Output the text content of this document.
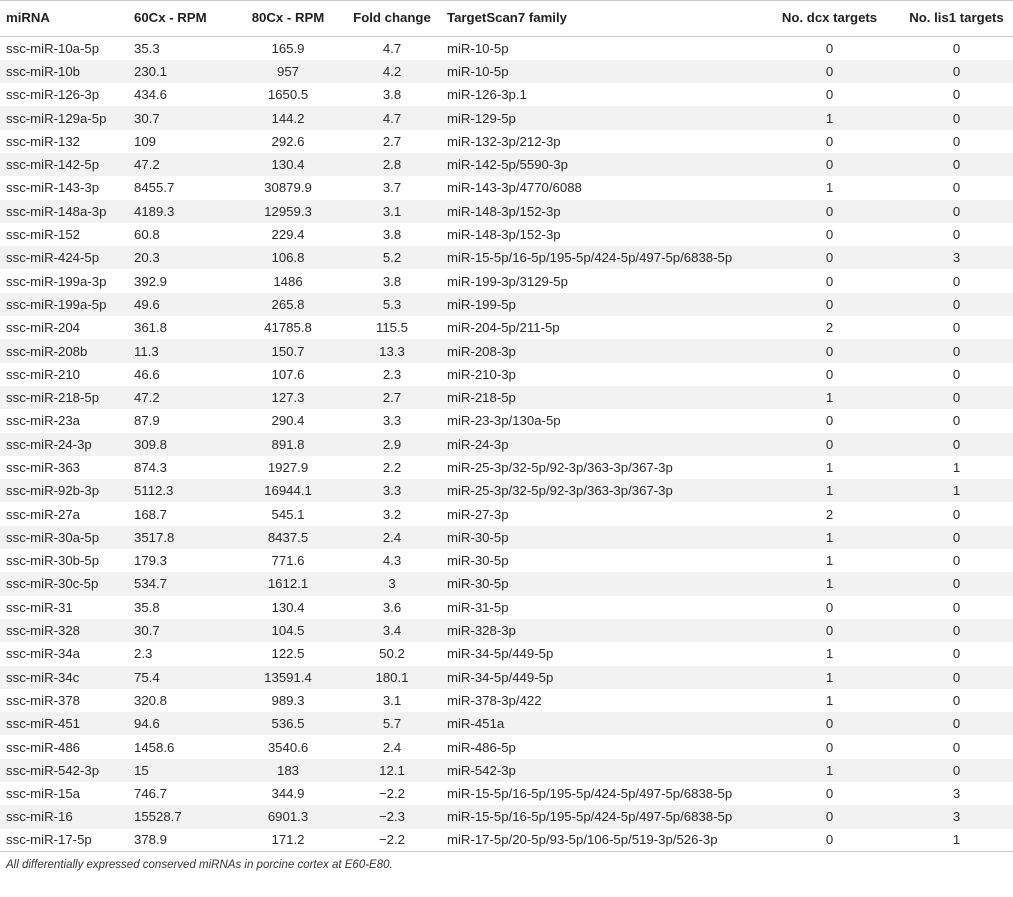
miRNA	60Cx - RPM	80Cx - RPM	Fold change	TargetScan7 family	No. dcx targets	No. lis1 targets
ssc-miR-10a-5p	35.3	165.9	4.7	miR-10-5p	0	0
ssc-miR-10b	230.1	957	4.2	miR-10-5p	0	0
ssc-miR-126-3p	434.6	1650.5	3.8	miR-126-3p.1	0	0
ssc-miR-129a-5p	30.7	144.2	4.7	miR-129-5p	1	0
ssc-miR-132	109	292.6	2.7	miR-132-3p/212-3p	0	0
ssc-miR-142-5p	47.2	130.4	2.8	miR-142-5p/5590-3p	0	0
ssc-miR-143-3p	8455.7	30879.9	3.7	miR-143-3p/4770/6088	1	0
ssc-miR-148a-3p	4189.3	12959.3	3.1	miR-148-3p/152-3p	0	0
ssc-miR-152	60.8	229.4	3.8	miR-148-3p/152-3p	0	0
ssc-miR-424-5p	20.3	106.8	5.2	miR-15-5p/16-5p/195-5p/424-5p/497-5p/6838-5p	0	3
ssc-miR-199a-3p	392.9	1486	3.8	miR-199-3p/3129-5p	0	0
ssc-miR-199a-5p	49.6	265.8	5.3	miR-199-5p	0	0
ssc-miR-204	361.8	41785.8	115.5	miR-204-5p/211-5p	2	0
ssc-miR-208b	11.3	150.7	13.3	miR-208-3p	0	0
ssc-miR-210	46.6	107.6	2.3	miR-210-3p	0	0
ssc-miR-218-5p	47.2	127.3	2.7	miR-218-5p	1	0
ssc-miR-23a	87.9	290.4	3.3	miR-23-3p/130a-5p	0	0
ssc-miR-24-3p	309.8	891.8	2.9	miR-24-3p	0	0
ssc-miR-363	874.3	1927.9	2.2	miR-25-3p/32-5p/92-3p/363-3p/367-3p	1	1
ssc-miR-92b-3p	5112.3	16944.1	3.3	miR-25-3p/32-5p/92-3p/363-3p/367-3p	1	1
ssc-miR-27a	168.7	545.1	3.2	miR-27-3p	2	0
ssc-miR-30a-5p	3517.8	8437.5	2.4	miR-30-5p	1	0
ssc-miR-30b-5p	179.3	771.6	4.3	miR-30-5p	1	0
ssc-miR-30c-5p	534.7	1612.1	3	miR-30-5p	1	0
ssc-miR-31	35.8	130.4	3.6	miR-31-5p	0	0
ssc-miR-328	30.7	104.5	3.4	miR-328-3p	0	0
ssc-miR-34a	2.3	122.5	50.2	miR-34-5p/449-5p	1	0
ssc-miR-34c	75.4	13591.4	180.1	miR-34-5p/449-5p	1	0
ssc-miR-378	320.8	989.3	3.1	miR-378-3p/422	1	0
ssc-miR-451	94.6	536.5	5.7	miR-451a	0	0
ssc-miR-486	1458.6	3540.6	2.4	miR-486-5p	0	0
ssc-miR-542-3p	15	183	12.1	miR-542-3p	1	0
ssc-miR-15a	746.7	344.9	−2.2	miR-15-5p/16-5p/195-5p/424-5p/497-5p/6838-5p	0	3
ssc-miR-16	15528.7	6901.3	−2.3	miR-15-5p/16-5p/195-5p/424-5p/497-5p/6838-5p	0	3
ssc-miR-17-5p	378.9	171.2	−2.2	miR-17-5p/20-5p/93-5p/106-5p/519-3p/526-3p	0	1
All differentially expressed conserved miRNAs in porcine cortex at E60-E80.
